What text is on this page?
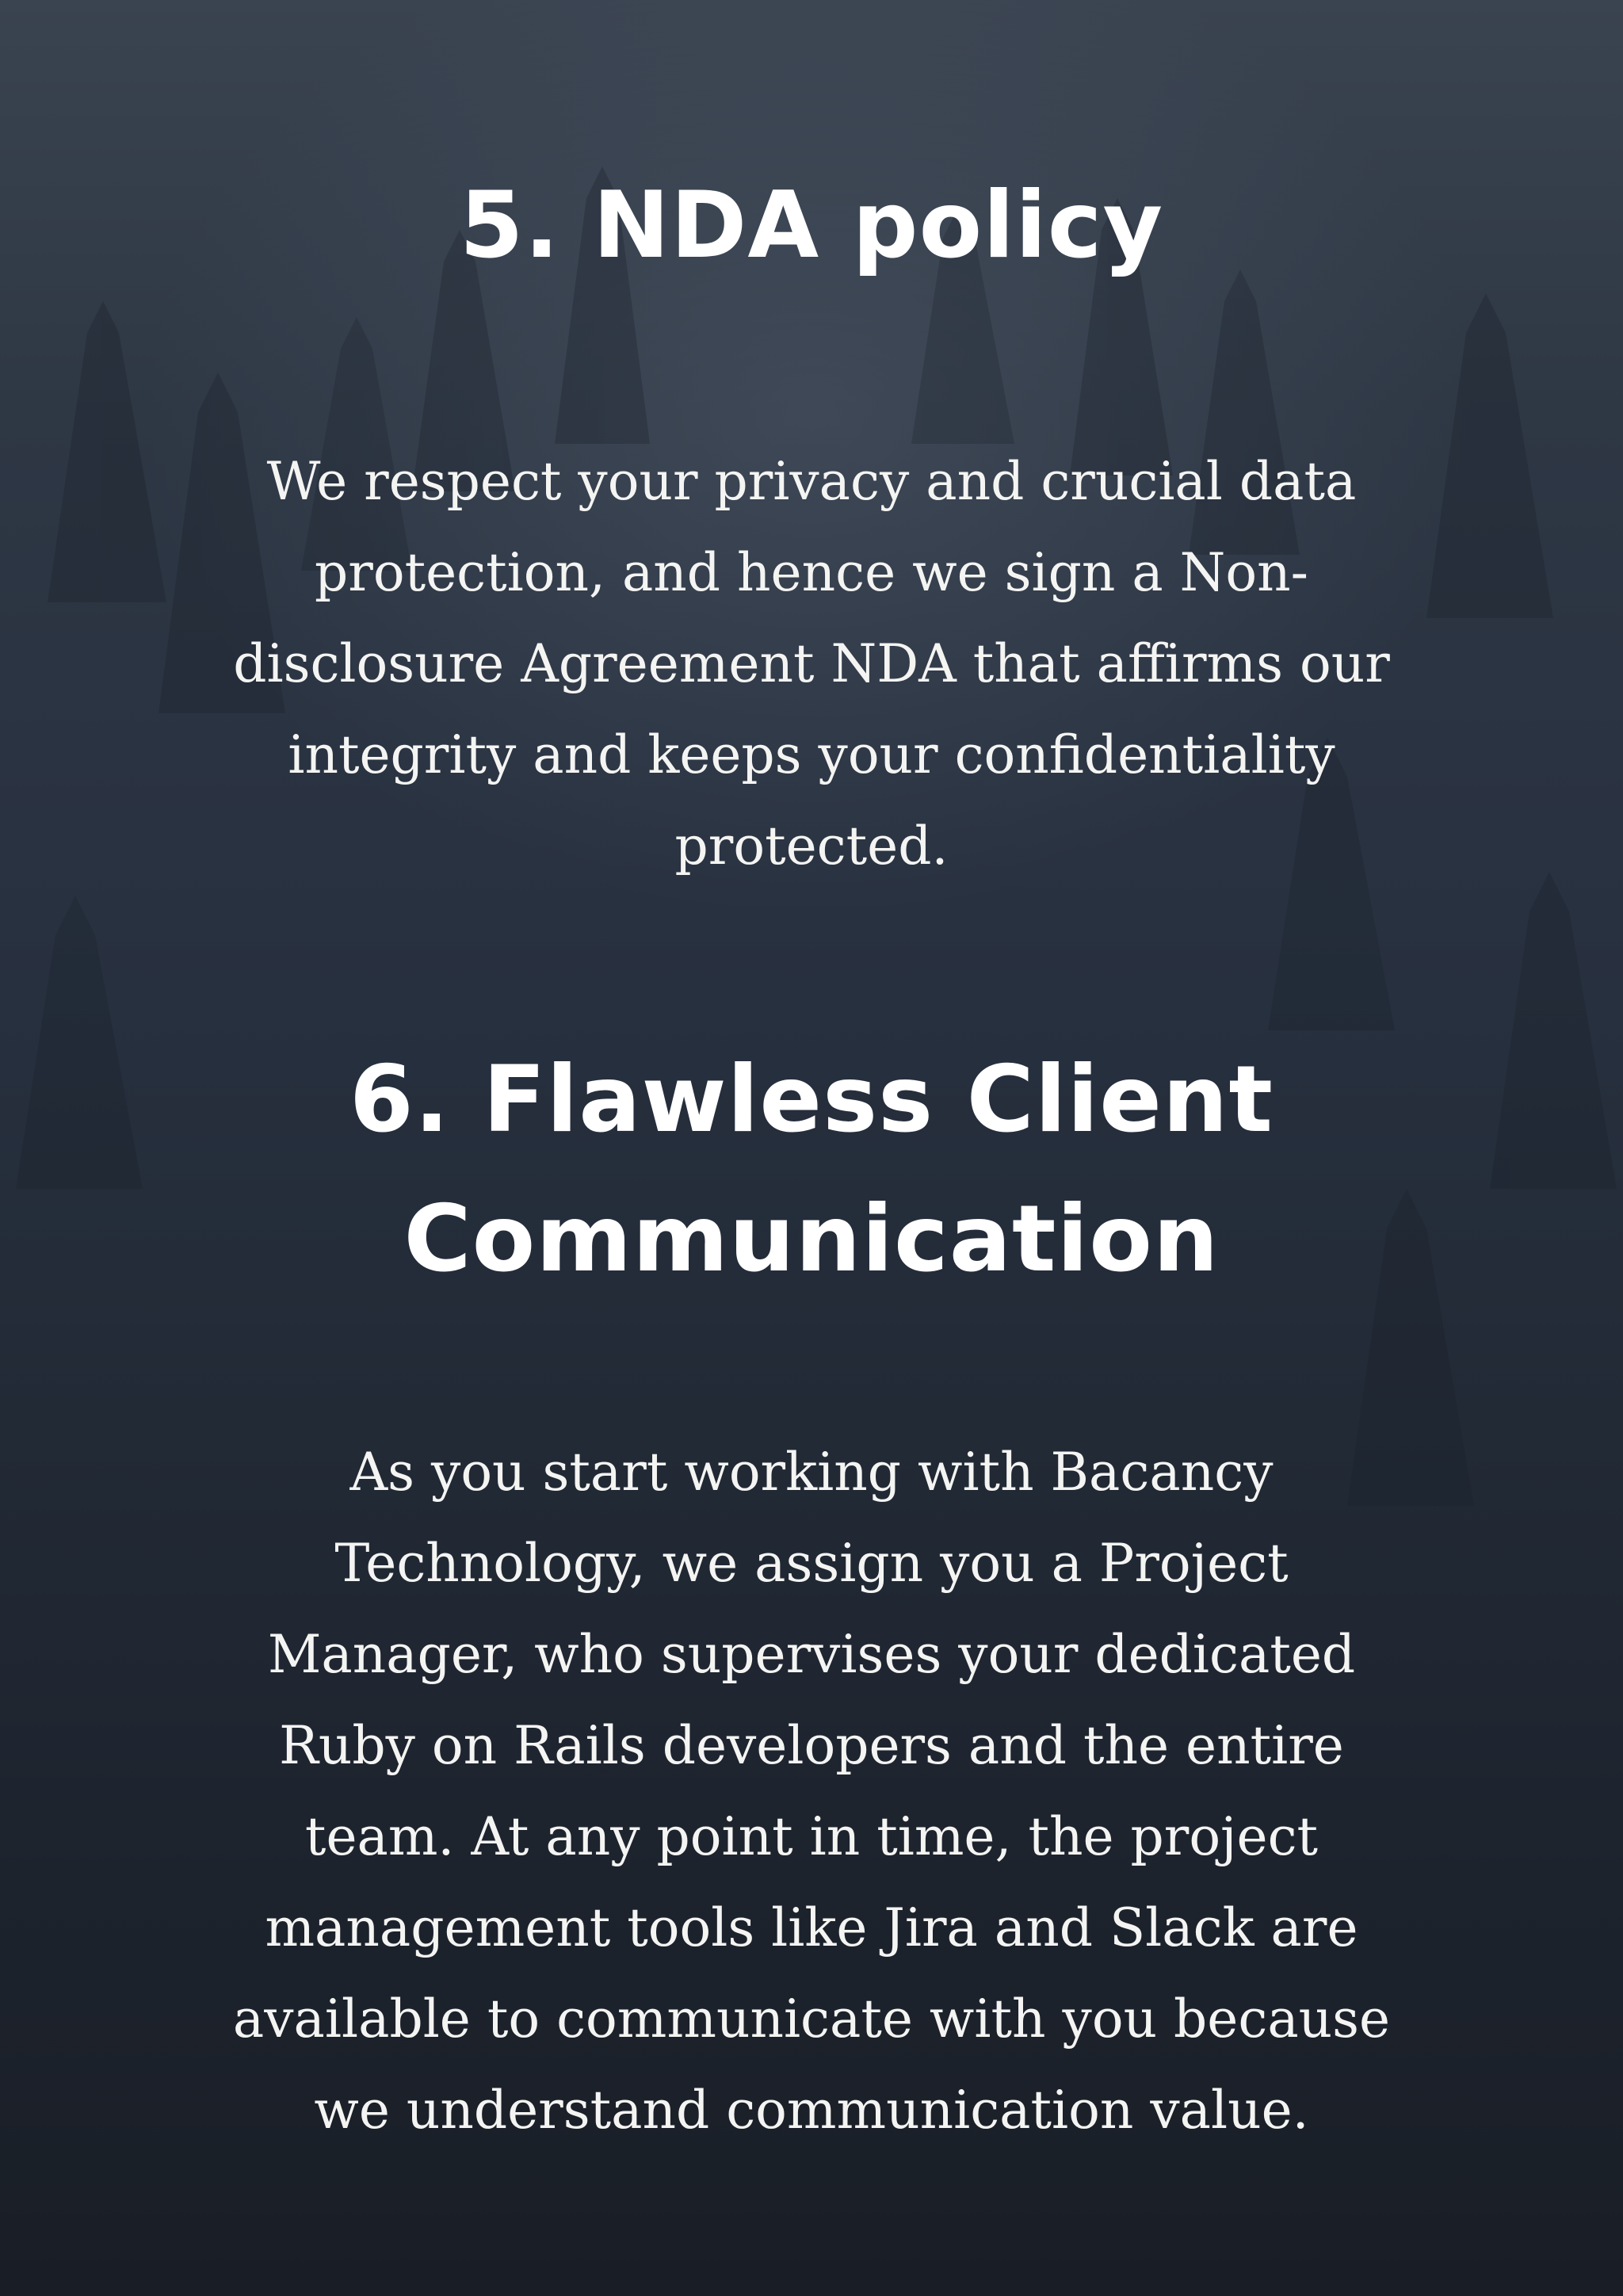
5. NDA policy

We respect your privacy and crucial data
protection, and hence we sign a Non-
disclosure Agreement NDA that affirms our
integrity and keeps your confidentiality
protected.

6. Flawless Client
Communication

As you start working with Bacancy
Technology, we assign you a Project
Manager, who supervises your dedicated
Ruby on Rails developers and the entire
team. At any point in time, the project
management tools like Jira and Slack are
available to communicate with you because
we understand communication value.
